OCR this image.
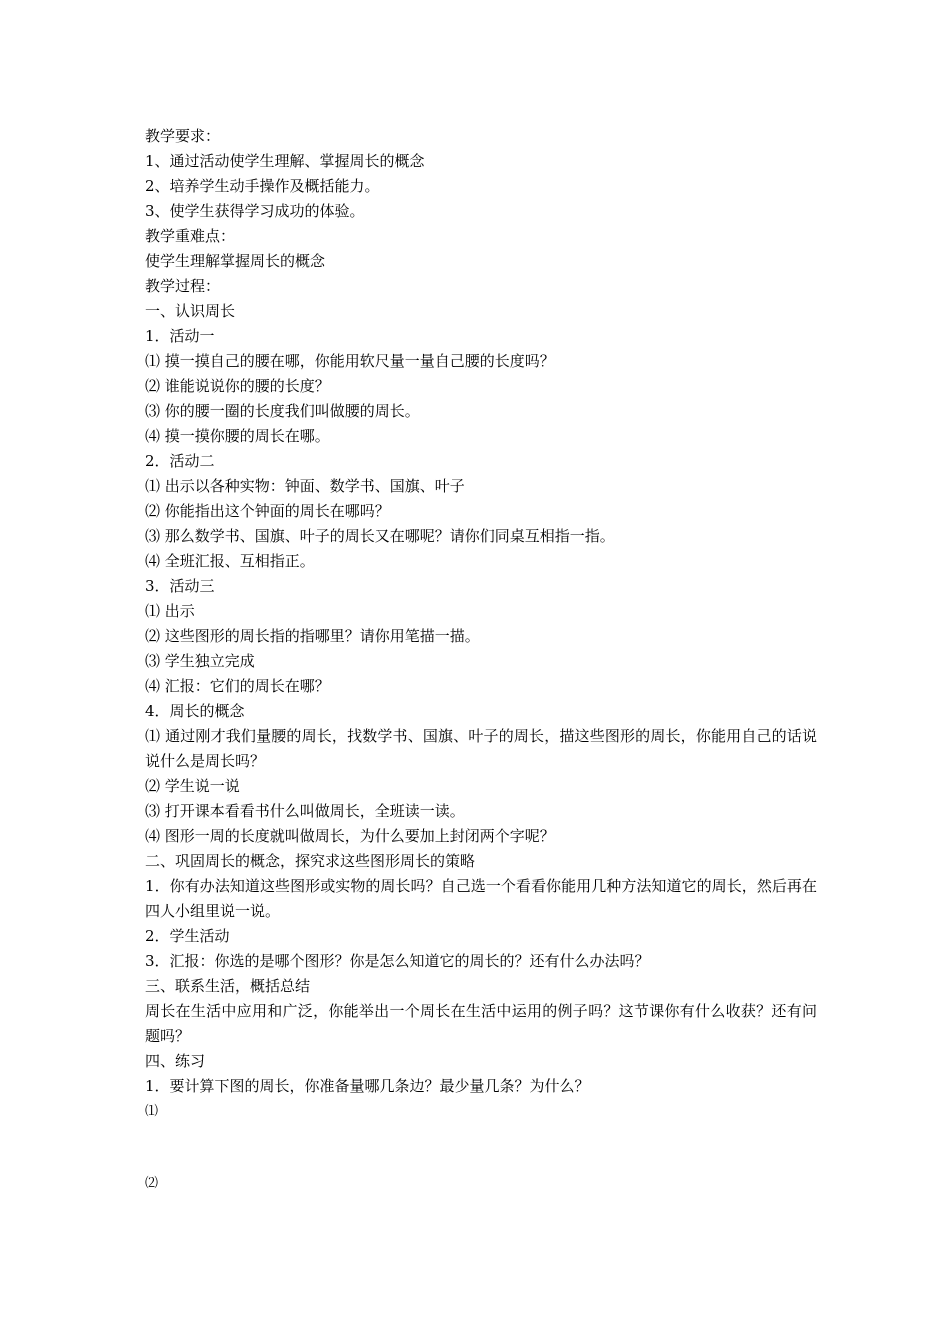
教学要求：
1、通过活动使学生理解、掌握周长的概念
2、培养学生动手操作及概括能力。
3、使学生获得学习成功的体验。
教学重难点：
使学生理解掌握周长的概念
教学过程：
一、认识周长
1．活动一
⑴ 摸一摸自己的腰在哪，你能用软尺量一量自己腰的长度吗？
⑵ 谁能说说你的腰的长度？
⑶ 你的腰一圈的长度我们叫做腰的周长。
⑷ 摸一摸你腰的周长在哪。
2．活动二
⑴ 出示以各种实物：钟面、数学书、国旗、叶子
⑵ 你能指出这个钟面的周长在哪吗？
⑶ 那么数学书、国旗、叶子的周长又在哪呢？请你们同桌互相指一指。
⑷ 全班汇报、互相指正。
3．活动三
⑴ 出示
⑵ 这些图形的周长指的指哪里？请你用笔描一描。
⑶ 学生独立完成
⑷ 汇报：它们的周长在哪？
4．周长的概念
⑴ 通过刚才我们量腰的周长，找数学书、国旗、叶子的周长，描这些图形的周长，你能用自己的话说说什么是周长吗？
⑵ 学生说一说
⑶ 打开课本看看书什么叫做周长，全班读一读。
⑷ 图形一周的长度就叫做周长，为什么要加上封闭两个字呢？
二、巩固周长的概念，探究求这些图形周长的策略
1．你有办法知道这些图形或实物的周长吗？自己选一个看看你能用几种方法知道它的周长，然后再在四人小组里说一说。
2．学生活动
3．汇报：你选的是哪个图形？你是怎么知道它的周长的？还有什么办法吗？
三、联系生活，概括总结
周长在生活中应用和广泛，你能举出一个周长在生活中运用的例子吗？这节课你有什么收获？还有问题吗？
四、练习
1．要计算下图的周长，你准备量哪几条边？最少量几条？为什么？
⑴
⑵
